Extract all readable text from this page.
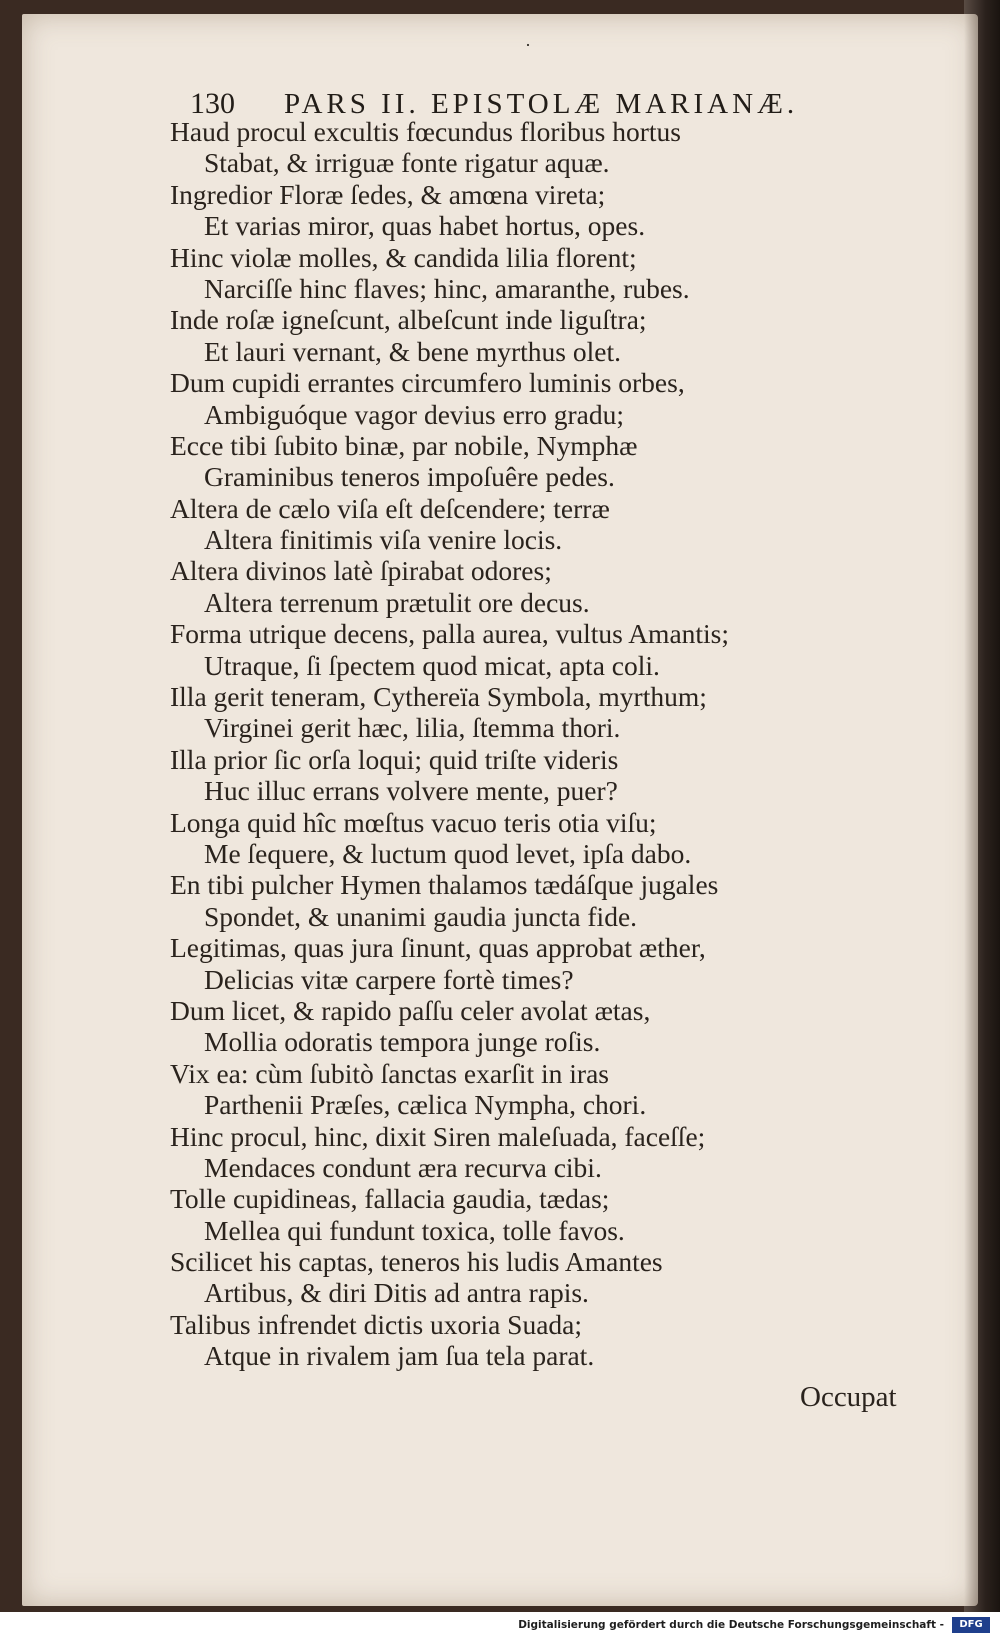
·
130 PARS II. EPISTOLÆ MARIANÆ.
Haud procul excultis fœcundus floribus hortus
Stabat, & irriguæ fonte rigatur aquæ.
Ingredior Floræ ſedes, & amœna vireta;
Et varias miror, quas habet hortus, opes.
Hinc violæ molles, & candida lilia florent;
Narciſſe hinc flaves; hinc, amaranthe, rubes.
Inde roſæ igneſcunt, albeſcunt inde liguſtra;
Et lauri vernant, & bene myrthus olet.
Dum cupidi errantes circumfero luminis orbes,
Ambiguóque vagor devius erro gradu;
Ecce tibi ſubito binæ, par nobile, Nymphæ
Graminibus teneros impoſuêre pedes.
Altera de cælo viſa eſt deſcendere; terræ
Altera finitimis viſa venire locis.
Altera divinos latè ſpirabat odores;
Altera terrenum prætulit ore decus.
Forma utrique decens, palla aurea, vultus Amantis;
Utraque, ſi ſpectem quod micat, apta coli.
Illa gerit teneram, Cythereïa Symbola, myrthum;
Virginei gerit hæc, lilia, ſtemma thori.
Illa prior ſic orſa loqui; quid triſte videris
Huc illuc errans volvere mente, puer?
Longa quid hîc mœſtus vacuo teris otia viſu;
Me ſequere, & luctum quod levet, ipſa dabo.
En tibi pulcher Hymen thalamos tædáſque jugales
Spondet, & unanimi gaudia juncta fide.
Legitimas, quas jura ſinunt, quas approbat æther,
Delicias vitæ carpere fortè times?
Dum licet, & rapido paſſu celer avolat ætas,
Mollia odoratis tempora junge roſis.
Vix ea: cùm ſubitò ſanctas exarſit in iras
Parthenii Præſes, cælica Nympha, chori.
Hinc procul, hinc, dixit Siren maleſuada, faceſſe;
Mendaces condunt æra recurva cibi.
Tolle cupidineas, fallacia gaudia, tædas;
Mellea qui fundunt toxica, tolle favos.
Scilicet his captas, teneros his ludis Amantes
Artibus, & diri Ditis ad antra rapis.
Talibus infrendet dictis uxoria Suada;
Atque in rivalem jam ſua tela parat.
Occupat
Digitalisierung gefördert durch die Deutsche Forschungsgemeinschaft -	DFG
